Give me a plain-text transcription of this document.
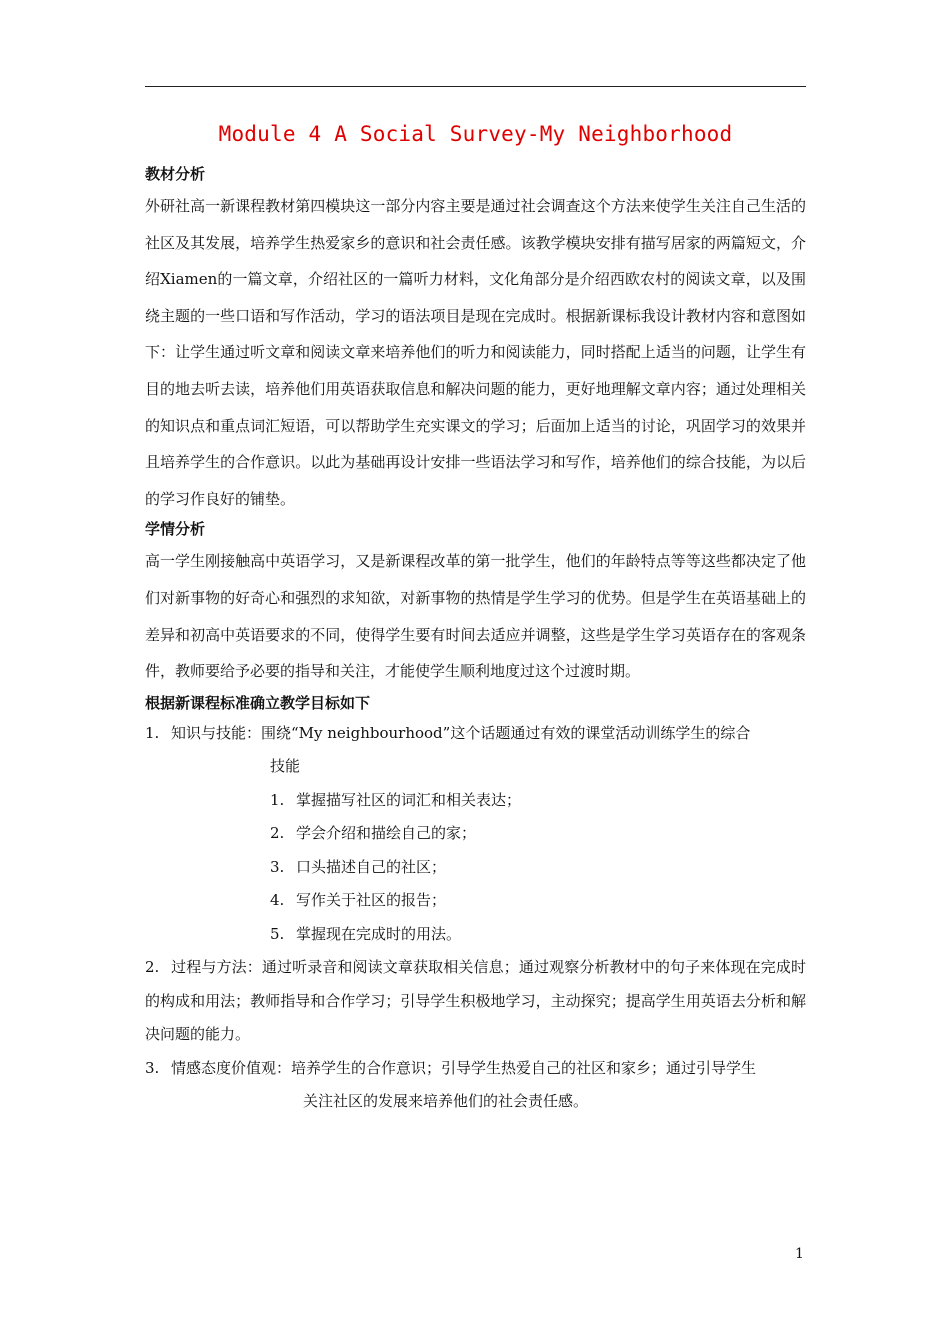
Module 4 A Social Survey-My Neighborhood
教材分析

外研社高一新课程教材第四模块这一部分内容主要是通过社会调查这个方法来使学生关注自己生活的社区及其发展，培养学生热爱家乡的意识和社会责任感。该教学模块安排有描写居家的两篇短文，介绍Xiamen的一篇文章，介绍社区的一篇听力材料，文化角部分是介绍西欧农村的阅读文章，以及围绕主题的一些口语和写作活动，学习的语法项目是现在完成时。根据新课标我设计教材内容和意图如下：让学生通过听文章和阅读文章来培养他们的听力和阅读能力，同时搭配上适当的问题，让学生有目的地去听去读，培养他们用英语获取信息和解决问题的能力，更好地理解文章内容；通过处理相关的知识点和重点词汇短语，可以帮助学生充实课文的学习；后面加上适当的讨论，巩固学习的效果并且培养学生的合作意识。以此为基础再设计安排一些语法学习和写作，培养他们的综合技能，为以后的学习作良好的铺垫。

学情分析

高一学生刚接触高中英语学习，又是新课程改革的第一批学生，他们的年龄特点等等这些都决定了他们对新事物的好奇心和强烈的求知欲，对新事物的热情是学生学习的优势。但是学生在英语基础上的差异和初高中英语要求的不同，使得学生要有时间去适应并调整，这些是学生学习英语存在的客观条件，教师要给予必要的指导和关注，才能使学生顺利地度过这个过渡时期。

根据新课程标准确立教学目标如下
1. 知识与技能：围绕“My neighbourhood”这个话题通过有效的课堂活动训练学生的综合
技能
1. 掌握描写社区的词汇和相关表达；
2. 学会介绍和描绘自己的家；
3. 口头描述自己的社区；
4. 写作关于社区的报告；
5. 掌握现在完成时的用法。
2. 过程与方法：通过听录音和阅读文章获取相关信息；通过观察分析教材中的句子来体现在完成时的构成和用法；教师指导和合作学习；引导学生积极地学习，主动探究；提高学生用英语去分析和解决问题的能力。
3. 情感态度价值观：培养学生的合作意识；引导学生热爱自己的社区和家乡；通过引导学生
关注社区的发展来培养他们的社会责任感。
1
